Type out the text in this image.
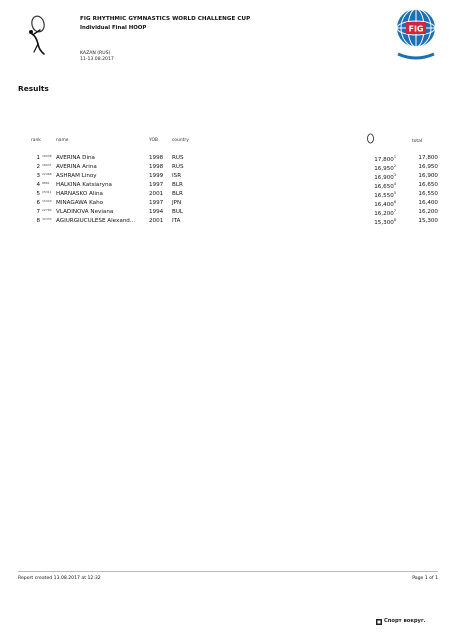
FIG
FIG RHYTHMIC GYMNASTICS WORLD CHALLENGE CUP
Individual Final HOOP
KAZAN (RUS)
11-13.08.2017
Results
rank	name	YOB	country	total
1 18038 AVERINA Dina	1998 RUS	17,800$^1$	17,800
2 18037 AVERINA Arina	1998 RUS	16,950$^2$	16,950
3 22468 ASHRAM Linoy	1999 ISR	16,900$^3$	16,900
4 8861 HALKINA Katsiaryna	1997 BLR	16,650$^4$	16,650
5 25311 HARNASKO Alina	2001 BLR	16,550$^5$	16,550
6 15343 MINAGAWA Kaho	1997 JPN	16,400$^6$	16,400
7 22769 VLADINOVA Neviana	1994 BUL	16,200$^7$	16,200
8 32333 AGIURGIUCULESE Alexand... 2001 ITA	15,300$^8$	15,300
Report created 13.08.2017 at 12:32	Page 1 of 1
Спорт вокруг.
